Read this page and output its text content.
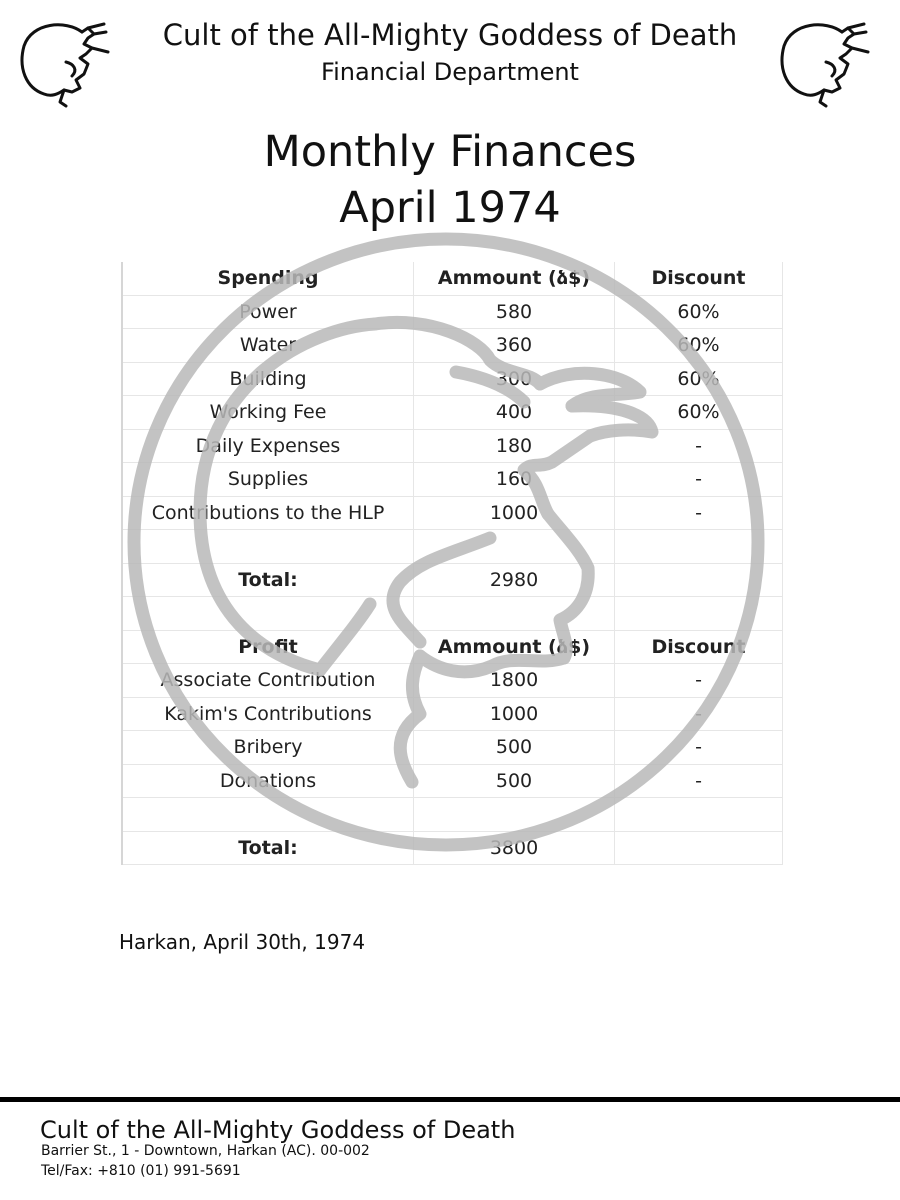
Cult of the All-Mighty Goddess of Death
Financial Department
Monthly Finances
April 1974
Spending	Ammount (ձ$)	Discount
Power	580	60%
Water	360	60%
Building	300	60%
Working Fee	400	60%
Daily Expenses	180	-
Supplies	160	-
Contributions to the HLP	1000	-

Total:	2980	

Profit	Ammount (ձ$)	Discount
Associate Contribution	1800	-
Kakim's Contributions	1000	-
Bribery	500	-
Donations	500	-

Total:	3800	
Harkan, April 30th, 1974
Cult of the All-Mighty Goddess of Death
Barrier St., 1 - Downtown, Harkan (AC). 00-002
Tel/Fax: +810 (01) 991-5691
